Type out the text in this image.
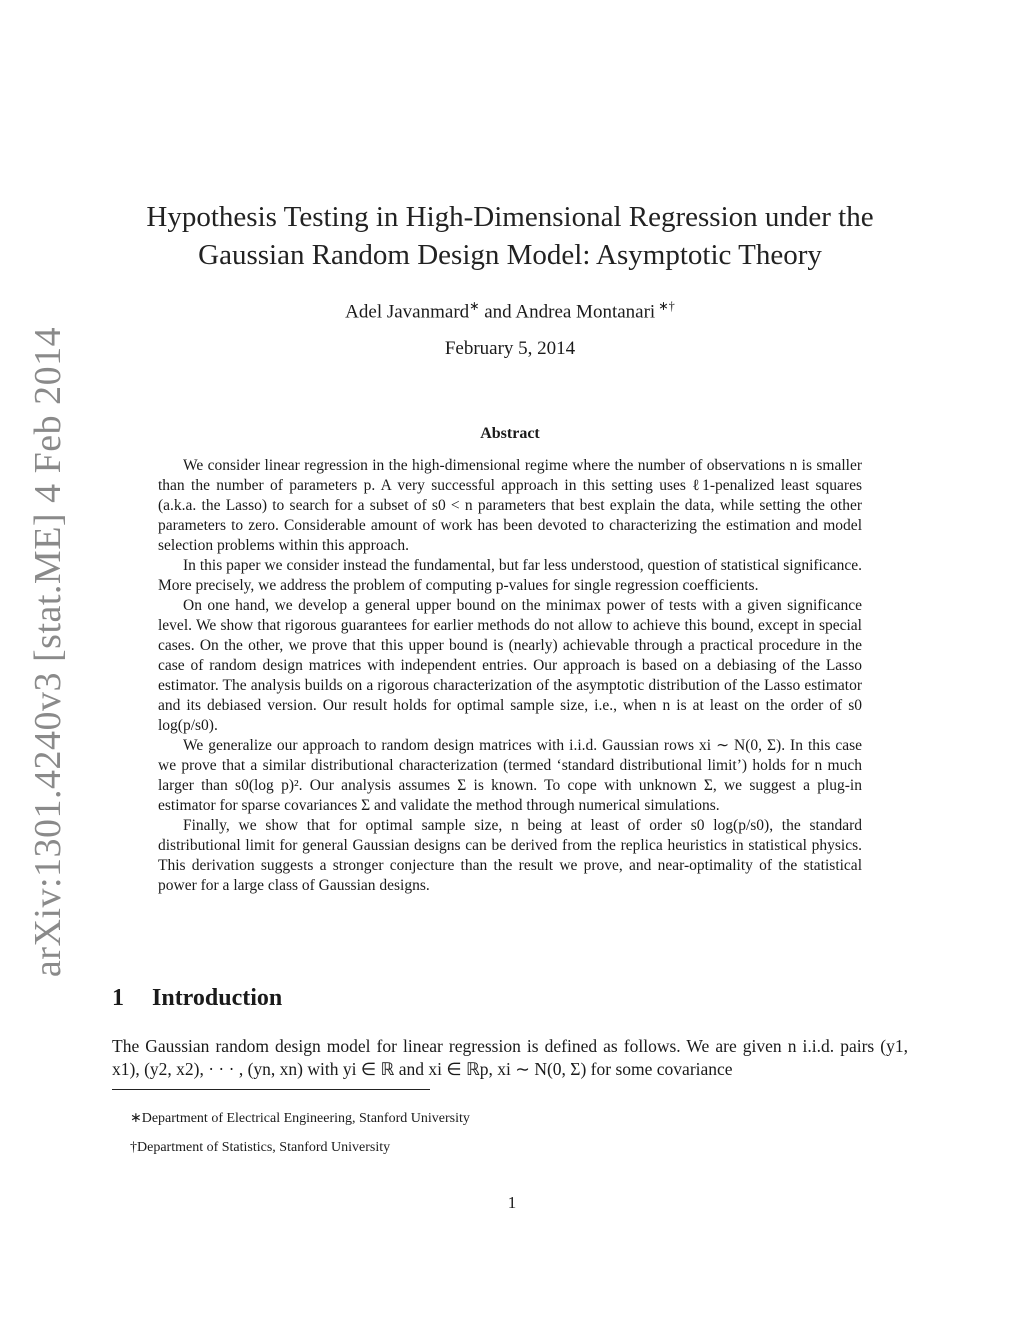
arXiv:1301.4240v3 [stat.ME] 4 Feb 2014
Hypothesis Testing in High-Dimensional Regression under the Gaussian Random Design Model: Asymptotic Theory
Adel Javanmard∗ and Andrea Montanari ∗†
February 5, 2014
Abstract

We consider linear regression in the high-dimensional regime where the number of observations n is smaller than the number of parameters p. A very successful approach in this setting uses ℓ1-penalized least squares (a.k.a. the Lasso) to search for a subset of s0 < n parameters that best explain the data, while setting the other parameters to zero. Considerable amount of work has been devoted to characterizing the estimation and model selection problems within this approach.

In this paper we consider instead the fundamental, but far less understood, question of statistical significance. More precisely, we address the problem of computing p-values for single regression coefficients.

On one hand, we develop a general upper bound on the minimax power of tests with a given significance level. We show that rigorous guarantees for earlier methods do not allow to achieve this bound, except in special cases. On the other, we prove that this upper bound is (nearly) achievable through a practical procedure in the case of random design matrices with independent entries. Our approach is based on a debiasing of the Lasso estimator. The analysis builds on a rigorous characterization of the asymptotic distribution of the Lasso estimator and its debiased version. Our result holds for optimal sample size, i.e., when n is at least on the order of s0 log(p/s0).

We generalize our approach to random design matrices with i.i.d. Gaussian rows xi ∼ N(0, Σ). In this case we prove that a similar distributional characterization (termed ‘standard distributional limit’) holds for n much larger than s0(log p)². Our analysis assumes Σ is known. To cope with unknown Σ, we suggest a plug-in estimator for sparse covariances Σ and validate the method through numerical simulations.

Finally, we show that for optimal sample size, n being at least of order s0 log(p/s0), the standard distributional limit for general Gaussian designs can be derived from the replica heuristics in statistical physics. This derivation suggests a stronger conjecture than the result we prove, and near-optimality of the statistical power for a large class of Gaussian designs.

1 Introduction

The Gaussian random design model for linear regression is defined as follows. We are given n i.i.d. pairs (y1, x1), (y2, x2), · · · , (yn, xn) with yi ∈ ℝ and xi ∈ ℝp, xi ∼ N(0, Σ) for some covariance

∗Department of Electrical Engineering, Stanford University
†Department of Statistics, Stanford University
1
